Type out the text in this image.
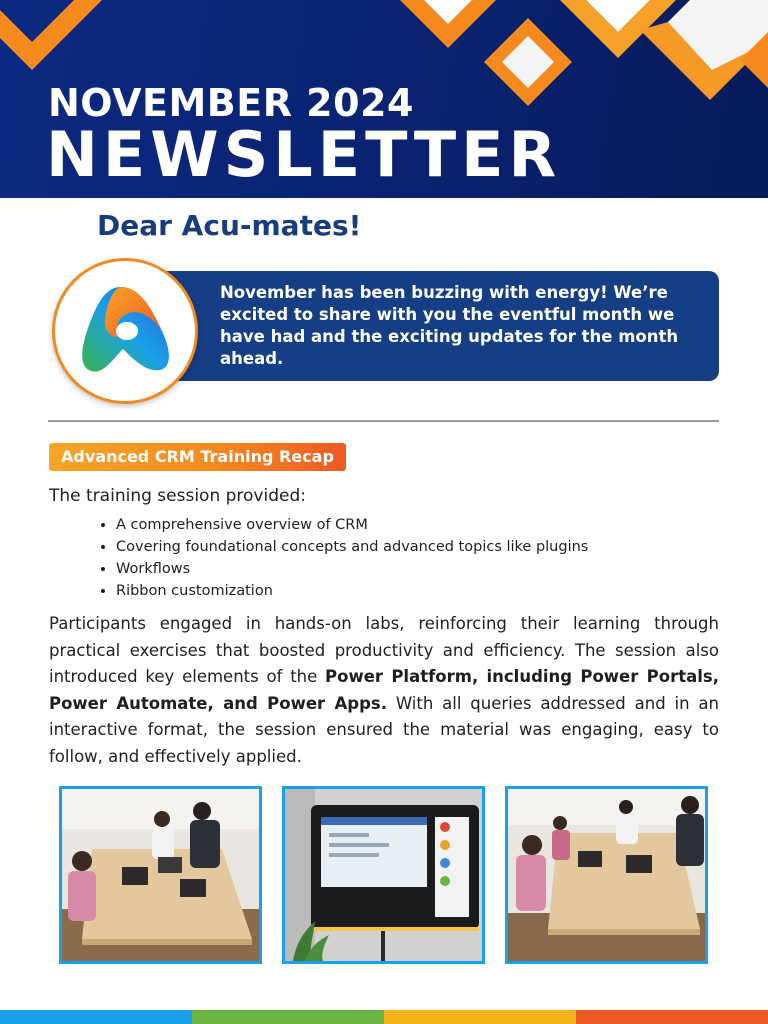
NOVEMBER 2024
NEWSLETTER
Dear Acu-mates!

November has been buzzing with energy! We’re excited to share with you the eventful month we have had and the exciting updates for the month ahead.

Advanced CRM Training Recap

The training session provided:

• A comprehensive overview of CRM
• Covering foundational concepts and advanced topics like plugins
• Workflows
• Ribbon customization

Participants engaged in hands-on labs, reinforcing their learning through practical exercises that boosted productivity and efficiency. The session also introduced key elements of the Power Platform, including Power Portals, Power Automate, and Power Apps. With all queries addressed and in an interactive format, the session ensured the material was engaging, easy to follow, and effectively applied.
